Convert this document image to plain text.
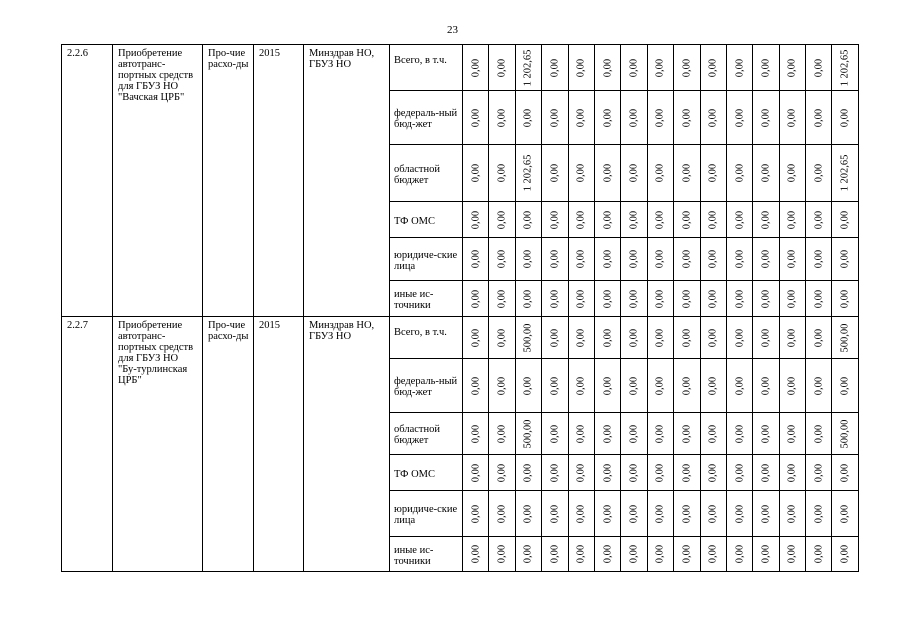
23
2.2.6	Приобретение автотранс-портных средств для ГБУЗ НО "Вачская ЦРБ"	Про-чие расхо-ды	2015	Минздрав НО, ГБУЗ НО	Всего, в т.ч.	0,00	0,00	1 202,65	0,00	0,00	0,00	0,00	0,00	0,00	0,00	0,00	0,00	0,00	0,00	1 202,65

					федераль-ный бюд-жет	0,00	0,00	0,00	0,00	0,00	0,00	0,00	0,00	0,00	0,00	0,00	0,00	0,00	0,00	0,00

					областной бюджет	0,00	0,00	1 202,65	0,00	0,00	0,00	0,00	0,00	0,00	0,00	0,00	0,00	0,00	0,00	1 202,65

					ТФ ОМС	0,00	0,00	0,00	0,00	0,00	0,00	0,00	0,00	0,00	0,00	0,00	0,00	0,00	0,00	0,00

					юридиче-ские лица	0,00	0,00	0,00	0,00	0,00	0,00	0,00	0,00	0,00	0,00	0,00	0,00	0,00	0,00	0,00

					иные ис-точники	0,00	0,00	0,00	0,00	0,00	0,00	0,00	0,00	0,00	0,00	0,00	0,00	0,00	0,00	0,00

2.2.7	Приобретение автотранс-портных средств для ГБУЗ НО "Бу-турлинская ЦРБ"	Про-чие расхо-ды	2015	Минздрав НО, ГБУЗ НО	Всего, в т.ч.	0,00	0,00	500,00	0,00	0,00	0,00	0,00	0,00	0,00	0,00	0,00	0,00	0,00	0,00	500,00

					федераль-ный бюд-жет	0,00	0,00	0,00	0,00	0,00	0,00	0,00	0,00	0,00	0,00	0,00	0,00	0,00	0,00	0,00

					областной бюджет	0,00	0,00	500,00	0,00	0,00	0,00	0,00	0,00	0,00	0,00	0,00	0,00	0,00	0,00	500,00

					ТФ ОМС	0,00	0,00	0,00	0,00	0,00	0,00	0,00	0,00	0,00	0,00	0,00	0,00	0,00	0,00	0,00

					юридиче-ские лица	0,00	0,00	0,00	0,00	0,00	0,00	0,00	0,00	0,00	0,00	0,00	0,00	0,00	0,00	0,00

					иные ис-точники	0,00	0,00	0,00	0,00	0,00	0,00	0,00	0,00	0,00	0,00	0,00	0,00	0,00	0,00	0,00
